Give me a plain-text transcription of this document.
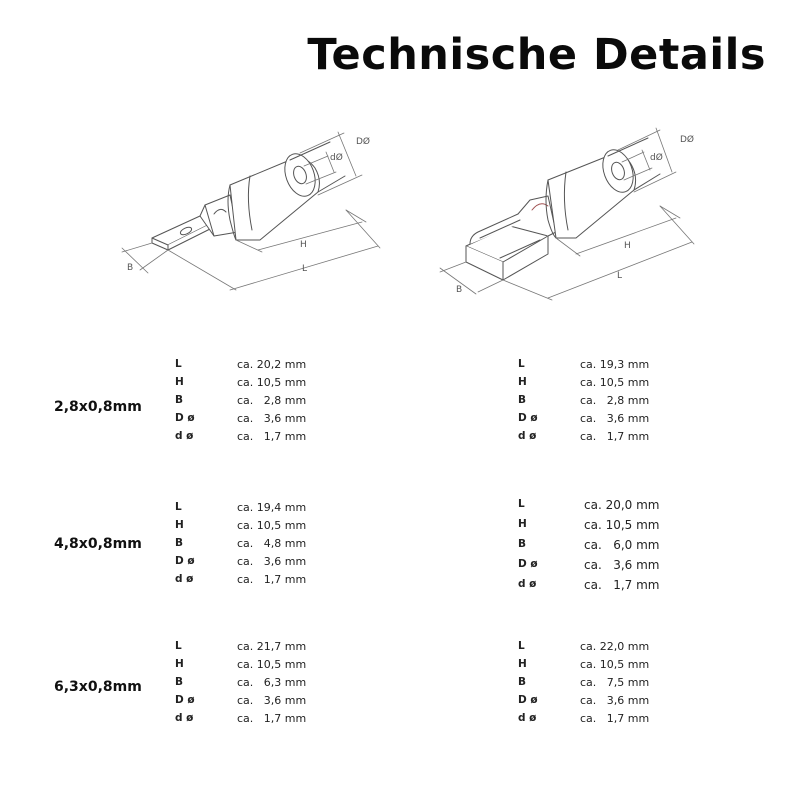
Technische Details
DØ
dØ
H
L
B
DØ
dØ
H
L
B
2,8x0,8mm
L	ca. 20,2 mm
H	ca. 10,5 mm
B	ca.   2,8 mm
D ø	ca.   3,6 mm
d ø	ca.   1,7 mm
L	ca. 19,3 mm
H	ca. 10,5 mm
B	ca.   2,8 mm
D ø	ca.   3,6 mm
d ø	ca.   1,7 mm
4,8x0,8mm
L	ca. 19,4 mm
H	ca. 10,5 mm
B	ca.   4,8 mm
D ø	ca.   3,6 mm
d ø	ca.   1,7 mm
L	ca. 20,0 mm
H	ca. 10,5 mm
B	ca.   6,0 mm
D ø	ca.   3,6 mm
d ø	ca.   1,7 mm
6,3x0,8mm
L	ca. 21,7 mm
H	ca. 10,5 mm
B	ca.   6,3 mm
D ø	ca.   3,6 mm
d ø	ca.   1,7 mm
L	ca. 22,0 mm
H	ca. 10,5 mm
B	ca.   7,5 mm
D ø	ca.   3,6 mm
d ø	ca.   1,7 mm
